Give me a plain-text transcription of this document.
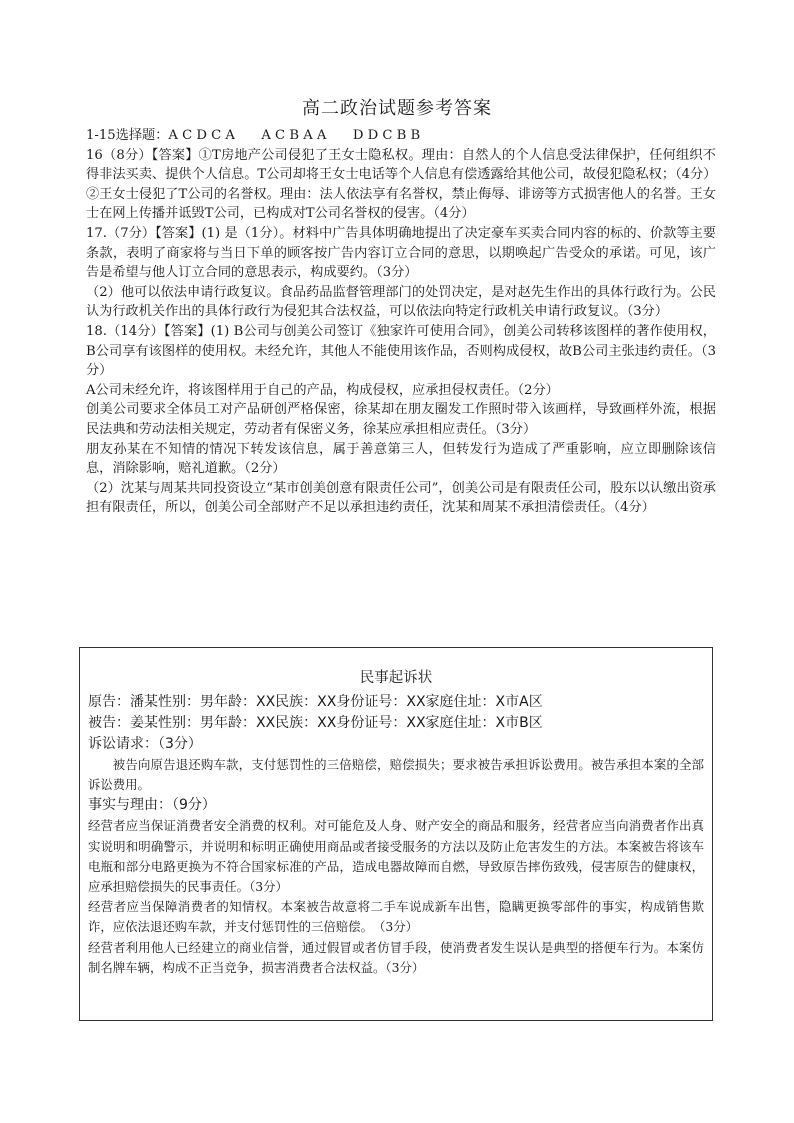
高二政治试题参考答案

1-15选择题：A C D C A　　A C B A A　　D D C B B

16（8分）【答案】①T房地产公司侵犯了王女士隐私权。理由：自然人的个人信息受法律保护，任何组织不得非法买卖、提供个人信息。T公司却将王女士电话等个人信息有偿透露给其他公司，故侵犯隐私权；（4分）

②王女士侵犯了T公司的名誉权。理由：法人依法享有名誉权，禁止侮辱、诽谤等方式损害他人的名誉。王女士在网上传播并诋毁T公司，已构成对T公司名誉权的侵害。（4分）

17.（7分）【答案】(1) 是（1分）。材料中广告具体明确地提出了决定豪车买卖合同内容的标的、价款等主要条款，表明了商家将与当日下单的顾客按广告内容订立合同的意思，以期唤起广告受众的承诺。可见，该广告是希望与他人订立合同的意思表示，构成要约。（3分）

（2）他可以依法申请行政复议。食品药品监督管理部门的处罚决定，是对赵先生作出的具体行政行为。公民认为行政机关作出的具体行政行为侵犯其合法权益，可以依法向特定行政机关申请行政复议。（3分）

18.（14分）【答案】(1) B公司与创美公司签订《独家许可使用合同》，创美公司转移该图样的著作使用权，B公司享有该图样的使用权。未经允许，其他人不能使用该作品，否则构成侵权，故B公司主张违约责任。（3分）

A公司未经允许，将该图样用于自己的产品，构成侵权，应承担侵权责任。（2分）

创美公司要求全体员工对产品研创严格保密，徐某却在朋友圈发工作照时带入该画样，导致画样外流，根据民法典和劳动法相关规定，劳动者有保密义务，徐某应承担相应责任。（3分）

朋友孙某在不知情的情况下转发该信息，属于善意第三人，但转发行为造成了严重影响，应立即删除该信息，消除影响，赔礼道歉。（2分）

（2）沈某与周某共同投资设立“某市创美创意有限责任公司”，创美公司是有限责任公司，股东以认缴出资承担有限责任，所以，创美公司全部财产不足以承担违约责任，沈某和周某不承担清偿责任。（4分）

民事起诉状

原告：潘某性别：男年龄：XX民族：XX身份证号：XX家庭住址：X市A区

被告：姜某性别：男年龄：XX民族：XX身份证号：XX家庭住址：X市B区

诉讼请求：（3分）

被告向原告退还购车款，支付惩罚性的三倍赔偿，赔偿损失；要求被告承担诉讼费用。被告承担本案的全部诉讼费用。

事实与理由：（9分）

经营者应当保证消费者安全消费的权利。对可能危及人身、财产安全的商品和服务，经营者应当向消费者作出真实说明和明确警示，并说明和标明正确使用商品或者接受服务的方法以及防止危害发生的方法。本案被告将该车电瓶和部分电路更换为不符合国家标准的产品，造成电器故障而自燃，导致原告摔伤致残，侵害原告的健康权，应承担赔偿损失的民事责任。（3分）

经营者应当保障消费者的知情权。本案被告故意将二手车说成新车出售，隐瞒更换零部件的事实，构成销售欺诈，应依法退还购车款，并支付惩罚性的三倍赔偿。　（3分）

经营者利用他人已经建立的商业信誉，通过假冒或者仿冒手段，使消费者发生误认是典型的搭便车行为。本案仿制名牌车辆，构成不正当竞争，损害消费者合法权益。（3分）
